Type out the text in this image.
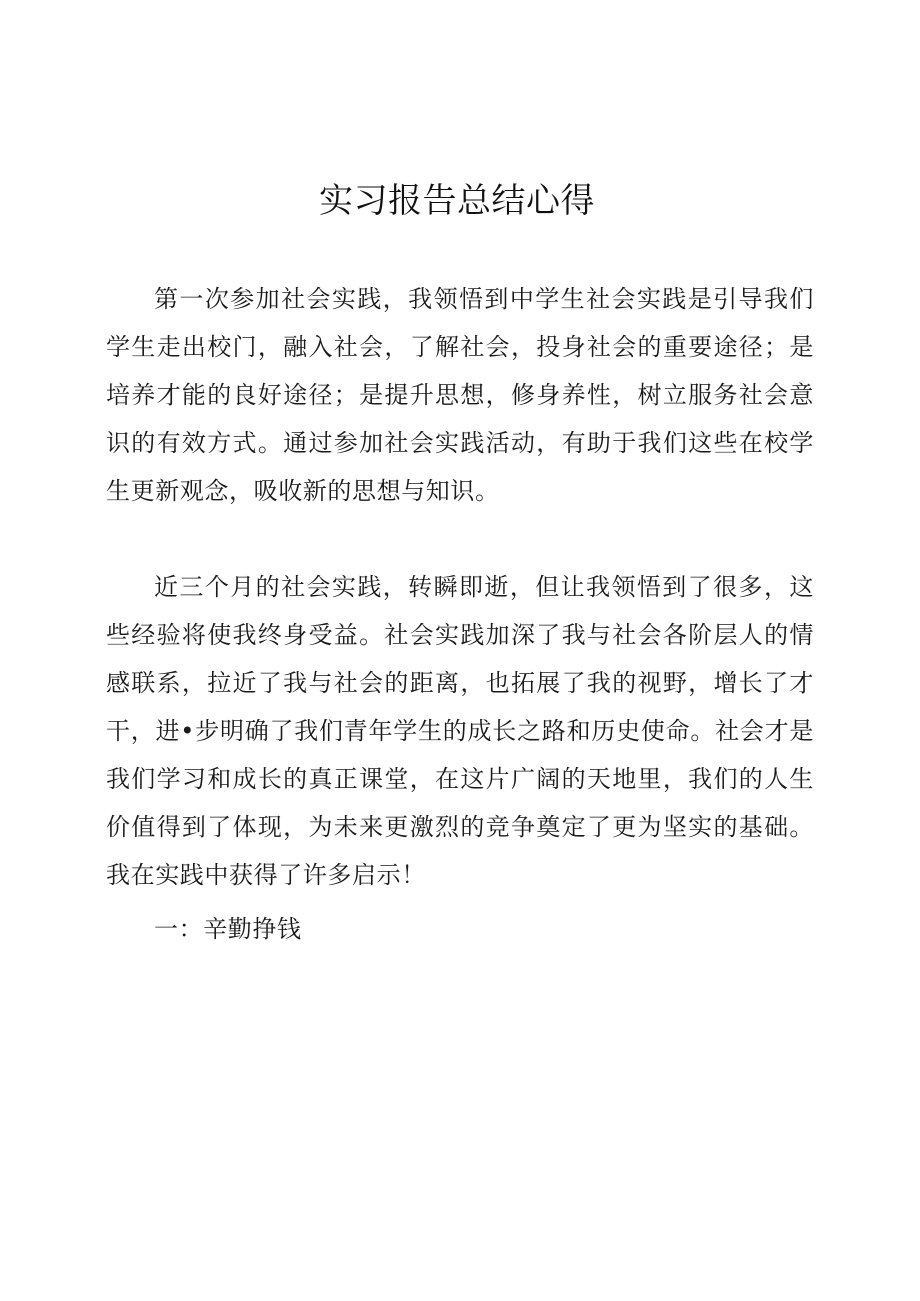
实习报告总结心得

第一次参加社会实践，我领悟到中学生社会实践是引导我们学生走出校门，融入社会，了解社会，投身社会的重要途径；是培养才能的良好途径；是提升思想，修身养性，树立服务社会意识的有效方式。通过参加社会实践活动，有助于我们这些在校学生更新观念，吸收新的思想与知识。

近三个月的社会实践，转瞬即逝，但让我领悟到了很多，这些经验将使我终身受益。社会实践加深了我与社会各阶层人的情感联系，拉近了我与社会的距离，也拓展了我的视野，增长了才干，进•步明确了我们青年学生的成长之路和历史使命。社会才是我们学习和成长的真正课堂，在这片广阔的天地里，我们的人生价值得到了体现，为未来更激烈的竞争奠定了更为坚实的基础。我在实践中获得了许多启示！

一：辛勤挣钱
